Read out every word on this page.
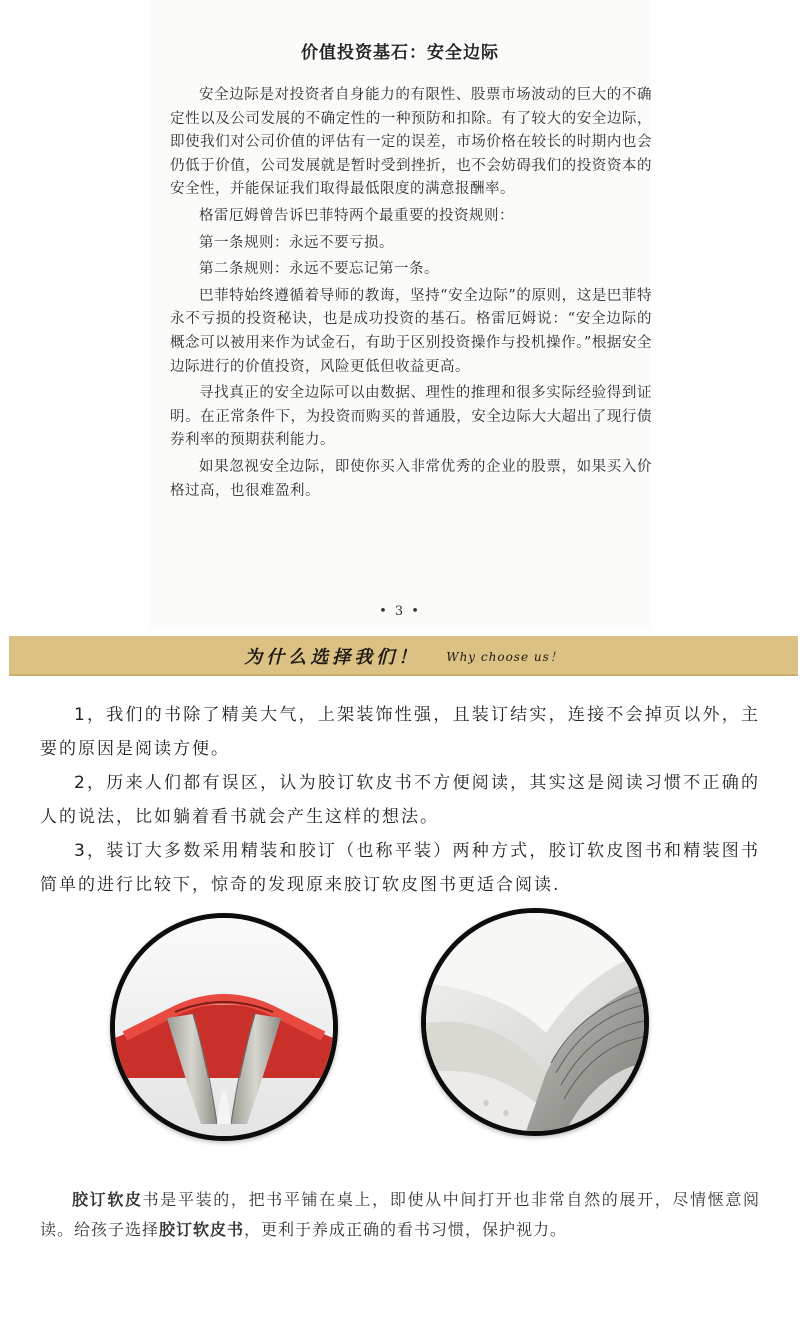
价值投资基石：安全边际

安全边际是对投资者自身能力的有限性、股票市场波动的巨大的不确定性以及公司发展的不确定性的一种预防和扣除。有了较大的安全边际，即使我们对公司价值的评估有一定的误差，市场价格在较长的时期内也会仍低于价值，公司发展就是暂时受到挫折，也不会妨碍我们的投资资本的安全性，并能保证我们取得最低限度的满意报酬率。

格雷厄姆曾告诉巴菲特两个最重要的投资规则：

第一条规则：永远不要亏损。

第二条规则：永远不要忘记第一条。

巴菲特始终遵循着导师的教诲，坚持“安全边际”的原则，这是巴菲特永不亏损的投资秘诀，也是成功投资的基石。格雷厄姆说：“安全边际的概念可以被用来作为试金石，有助于区别投资操作与投机操作。”根据安全边际进行的价值投资，风险更低但收益更高。

寻找真正的安全边际可以由数据、理性的推理和很多实际经验得到证明。在正常条件下，为投资而购买的普通股，安全边际大大超出了现行债券利率的预期获利能力。

如果忽视安全边际，即使你买入非常优秀的企业的股票，如果买入价格过高，也很难盈利。

• 3 •
为什么选择我们！ Why choose us！

1，我们的书除了精美大气，上架装饰性强，且装订结实，连接不会掉页以外，主要的原因是阅读方便。

2，历来人们都有误区，认为胶订软皮书不方便阅读，其实这是阅读习惯不正确的人的说法，比如躺着看书就会产生这样的想法。

3，装订大多数采用精装和胶订（也称平装）两种方式，胶订软皮图书和精装图书简单的进行比较下，惊奇的发现原来胶订软皮图书更适合阅读.

胶订软皮书是平装的，把书平铺在桌上，即使从中间打开也非常自然的展开，尽情惬意阅读。给孩子选择胶订软皮书，更利于养成正确的看书习惯，保护视力。
